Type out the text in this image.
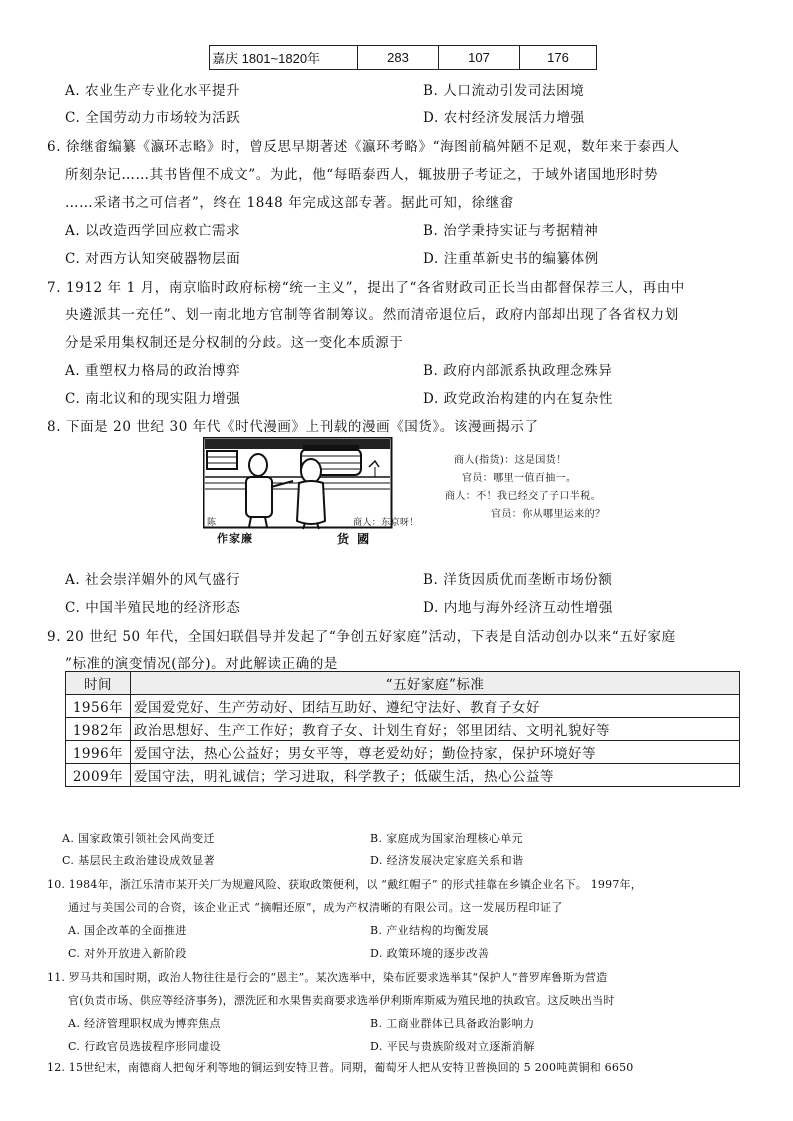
嘉庆 1801~1820年	283	107	176
A. 农业生产专业化水平提升	B. 人口流动引发司法困境
C. 全国劳动力市场较为活跃	D. 农村经济发展活力增强
6. 徐继畬编纂《瀛环志略》时，曾反思早期著述《瀛环考略》“海图前稿舛陋不足观，数年来于泰西人
所刻杂记……其书皆俚不成文”。为此，他“每晤泰西人，辄披册子考证之，于域外诸国地形时势
……采诸书之可信者”，终在 1848 年完成这部专著。据此可知，徐继畬
A. 以改造西学回应救亡需求	B. 治学秉持实证与考据精神
C. 对西方认知突破器物层面	D. 注重革新史书的编纂体例
7. 1912 年 1 月，南京临时政府标榜“统一主义”，提出了“各省财政司正长当由都督保荐三人，再由中
央遴派其一充任”、划一南北地方官制等省制筹议。然而清帝退位后，政府内部却出现了各省权力划
分是采用集权制还是分权制的分歧。这一变化本质源于
A. 重塑权力格局的政治博弈	B. 政府内部派系执政理念殊异
C. 南北议和的现实阻力增强	D. 政党政治构建的内在复杂性
8. 下面是 20 世纪 30 年代《时代漫画》上刊载的漫画《国货》。该漫画揭示了
陈	商人：东京呀！
作家廉	货 國
商人(指货)：这是国货！
官员：哪里一值百抽一。
商人：不！我已经交了子口半税。
官员：你从哪里运来的？
A. 社会崇洋媚外的风气盛行	B. 洋货因质优而垄断市场份额
C. 中国半殖民地的经济形态	D. 内地与海外经济互动性增强
9. 20 世纪 50 年代，全国妇联倡导并发起了“争创五好家庭”活动，下表是自活动创办以来“五好家庭
”标准的演变情况(部分)。对此解读正确的是
时间	“五好家庭”标准
1956年	爱国爱党好、生产劳动好、团结互助好、遵纪守法好、教育子女好
1982年	政治思想好、生产工作好；教育子女、计划生育好；邻里团结、文明礼貌好等
1996年	爱国守法，热心公益好；男女平等，尊老爱幼好；勤俭持家，保护环境好等
2009年	爱国守法，明礼诚信；学习进取，科学教子；低碳生活，热心公益等
A. 国家政策引领社会风尚变迁	B. 家庭成为国家治理核心单元
C. 基层民主政治建设成效显著	D. 经济发展决定家庭关系和谐
10. 1984年，浙江乐清市某开关厂为规避风险、获取政策便利，以 “戴红帽子” 的形式挂靠在乡镇企业名下。 1997年，
通过与美国公司的合资，该企业正式 “摘帽还原”，成为产权清晰的有限公司。这一发展历程印证了
A. 国企改革的全面推进	B. 产业结构的均衡发展
C. 对外开放进入新阶段	D. 政策环境的逐步改善
11. 罗马共和国时期，政治人物往往是行会的“恩主”。某次选举中，染布匠要求选举其“保护人”普罗库鲁斯为营造
官(负责市场、供应等经济事务)，漂洗匠和水果售卖商要求选举伊利斯库斯威为殖民地的执政官。这反映出当时
A. 经济管理职权成为博弈焦点	B. 工商业群体已具备政治影响力
C. 行政官员选拔程序形同虚设	D. 平民与贵族阶级对立逐渐消解
12. 15世纪末，南德商人把匈牙利等地的铜运到安特卫普。同期，葡萄牙人把从安特卫普换回的 5 200吨黄铜和 6650
